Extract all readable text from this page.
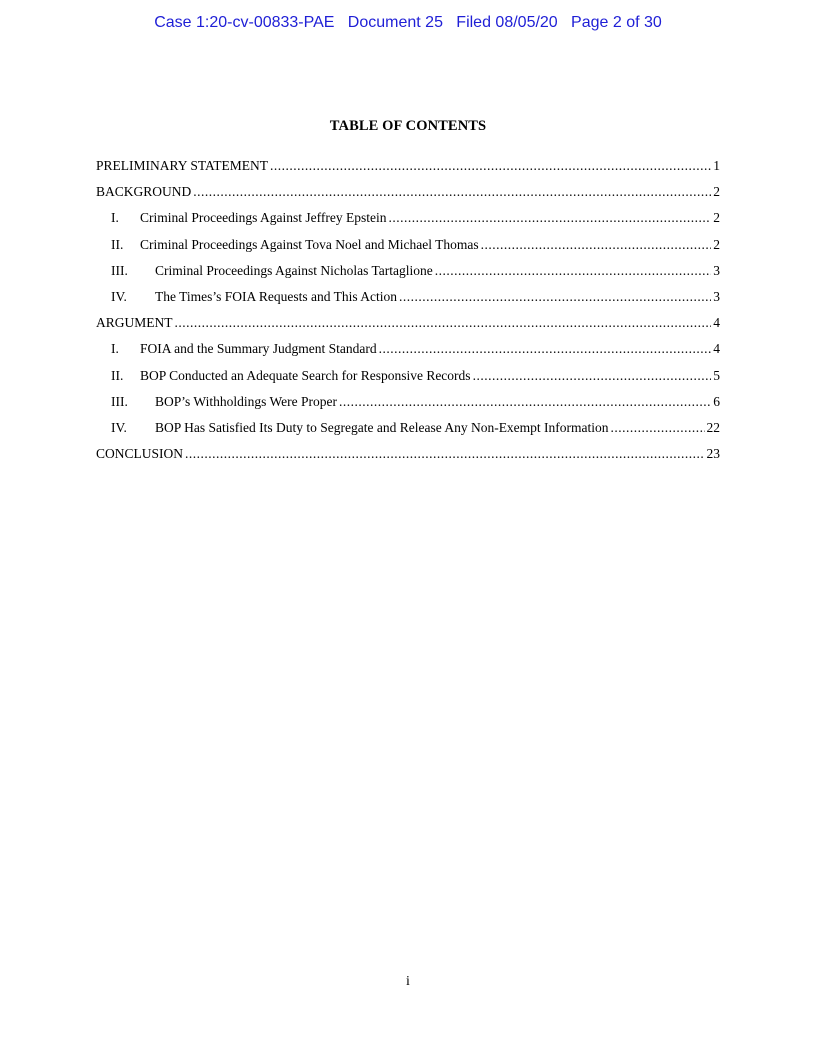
Case 1:20-cv-00833-PAE   Document 25   Filed 08/05/20   Page 2 of 30
TABLE OF CONTENTS
PRELIMINARY STATEMENT .....	1
BACKGROUND .....	2
I.	Criminal Proceedings Against Jeffrey Epstein .....	2
II.	Criminal Proceedings Against Tova Noel and Michael Thomas .....	2
III.	Criminal Proceedings Against Nicholas Tartaglione .....	3
IV.	The Times’s FOIA Requests and This Action .....	3
ARGUMENT .....	4
I.	FOIA and the Summary Judgment Standard .....	4
II.	BOP Conducted an Adequate Search for Responsive Records .....	5
III.	BOP’s Withholdings Were Proper .....	6
IV.	BOP Has Satisfied Its Duty to Segregate and Release Any Non-Exempt Information .....	22
CONCLUSION .....	23
i
